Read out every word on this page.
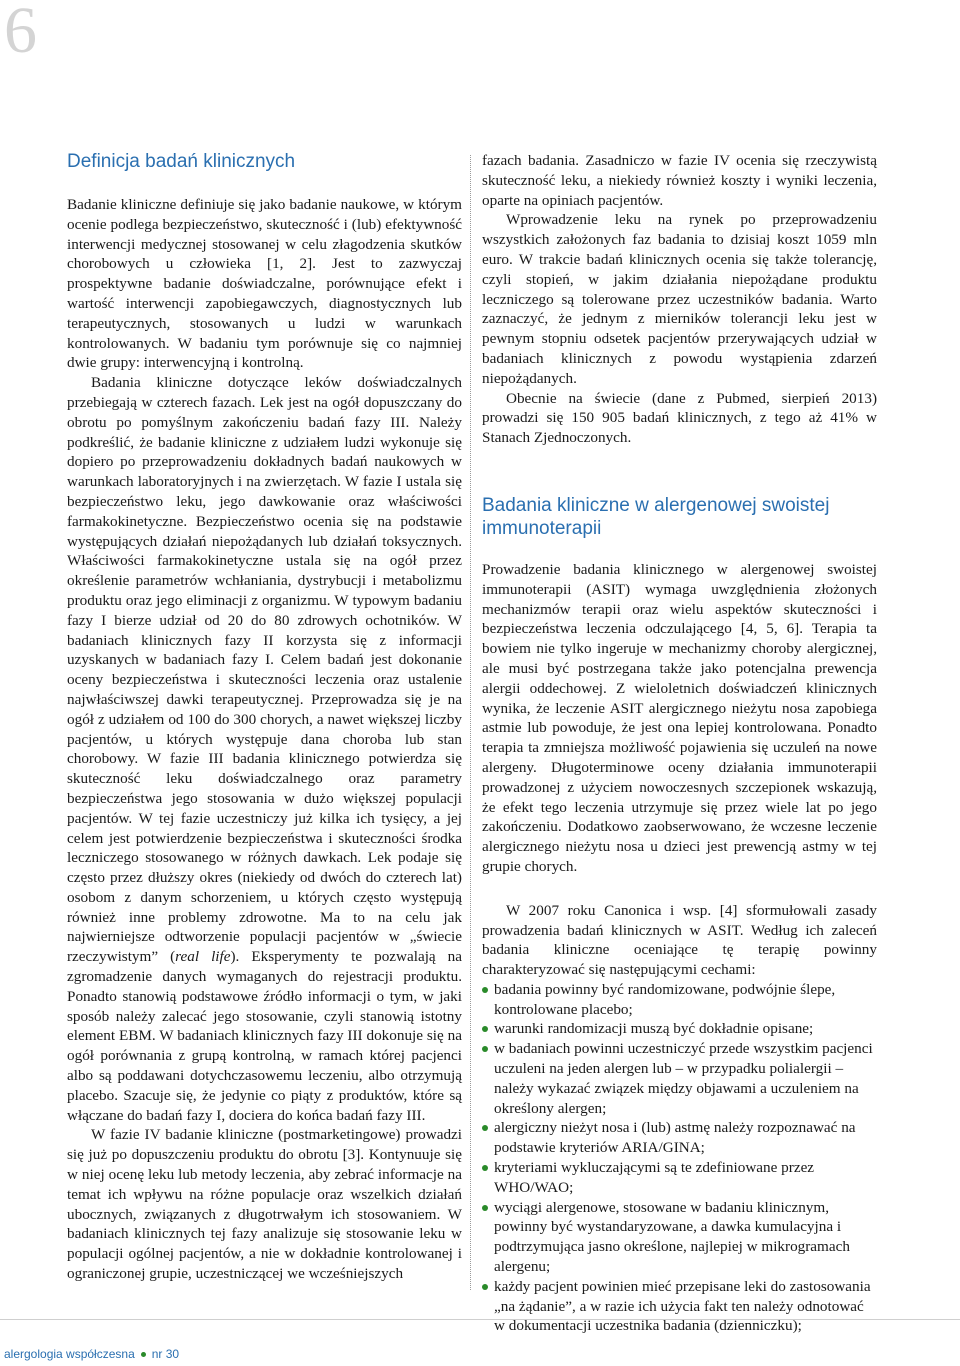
6
Definicja badań klinicznych

Badanie kliniczne definiuje się jako badanie naukowe, w którym ocenie podlega bezpieczeństwo, skuteczność i (lub) efektywność interwencji medycznej stosowanej w celu złagodzenia skutków chorobowych u człowieka [1, 2]. Jest to zazwyczaj prospektywne badanie doświadczalne, porównujące efekt i wartość interwencji zapobiegawczych, diagnostycznych lub terapeutycznych, stosowanych u ludzi w warunkach kontrolowanych. W badaniu tym porównuje się co najmniej dwie grupy: interwencyjną i kontrolną.

Badania kliniczne dotyczące leków doświadczalnych przebiegają w czterech fazach. Lek jest na ogół dopuszczany do obrotu po pomyślnym zakończeniu badań fazy III. Należy podkreślić, że badanie kliniczne z udziałem ludzi wykonuje się dopiero po przeprowadzeniu dokładnych badań naukowych w warunkach laboratoryjnych i na zwierzętach. W fazie I ustala się bezpieczeństwo leku, jego dawkowanie oraz właściwości farmakokinetyczne. Bezpieczeństwo ocenia się na podstawie występujących działań niepożądanych lub działań toksycznych. Właściwości farmakokinetyczne ustala się na ogół przez określenie parametrów wchłaniania, dystrybucji i metabolizmu produktu oraz jego eliminacji z organizmu. W typowym badaniu fazy I bierze udział od 20 do 80 zdrowych ochotników. W badaniach klinicznych fazy II korzysta się z informacji uzyskanych w badaniach fazy I. Celem badań jest dokonanie oceny bezpieczeństwa i skuteczności leczenia oraz ustalenie najwłaściwszej dawki terapeutycznej. Przeprowadza się je na ogół z udziałem od 100 do 300 chorych, a nawet większej liczby pacjentów, u których występuje dana choroba lub stan chorobowy. W fazie III badania klinicznego potwierdza się skuteczność leku doświadczalnego oraz parametry bezpieczeństwa jego stosowania w dużo większej populacji pacjentów. W tej fazie uczestniczy już kilka ich tysięcy, a jej celem jest potwierdzenie bezpieczeństwa i skuteczności środka leczniczego stosowanego w różnych dawkach. Lek podaje się często przez dłuższy okres (niekiedy od dwóch do czterech lat) osobom z danym schorzeniem, u których często występują również inne problemy zdrowotne. Ma to na celu jak najwierniejsze odtworzenie populacji pacjentów w „świecie rzeczywistym” (real life). Eksperymenty te pozwalają na zgromadzenie danych wymaganych do rejestracji produktu. Ponadto stanowią podstawowe źródło informacji o tym, w jaki sposób należy zalecać jego stosowanie, czyli stanowią istotny element EBM. W badaniach klinicznych fazy III dokonuje się na ogół porównania z grupą kontrolną, w ramach której pacjenci albo są poddawani dotychczasowemu leczeniu, albo otrzymują placebo. Szacuje się, że jedynie co piąty z produktów, które są włączane do badań fazy I, dociera do końca badań fazy III.

W fazie IV badanie kliniczne (postmarketingowe) prowadzi się już po dopuszczeniu produktu do obrotu [3]. Kontynuuje się w niej ocenę leku lub metody leczenia, aby zebrać informacje na temat ich wpływu na różne populacje oraz wszelkich działań ubocznych, związanych z długotrwałym ich stosowaniem. W badaniach klinicznych tej fazy analizuje się stosowanie leku w populacji ogólnej pacjentów, a nie w dokładnie kontrolowanej i ograniczonej grupie, uczestniczącej we wcześniejszych

fazach badania. Zasadniczo w fazie IV ocenia się rzeczywistą skuteczność leku, a niekiedy również koszty i wyniki leczenia, oparte na opiniach pacjentów.

Wprowadzenie leku na rynek po przeprowadzeniu wszystkich założonych faz badania to dzisiaj koszt 1059 mln euro. W trakcie badań klinicznych ocenia się także tolerancję, czyli stopień, w jakim działania niepożądane produktu leczniczego są tolerowane przez uczestników badania. Warto zaznaczyć, że jednym z mierników tolerancji leku jest w pewnym stopniu odsetek pacjentów przerywających udział w badaniach klinicznych z powodu wystąpienia zdarzeń niepożądanych.

Obecnie na świecie (dane z Pubmed, sierpień 2013) prowadzi się 150 905 badań klinicznych, z tego aż 41% w Stanach Zjednoczonych.

Badania kliniczne w alergenowej swoistej immunoterapii

Prowadzenie badania klinicznego w alergenowej swoistej immunoterapii (ASIT) wymaga uwzględnienia złożonych mechanizmów terapii oraz wielu aspektów skuteczności i bezpieczeństwa leczenia odczulającego [4, 5, 6]. Terapia ta bowiem nie tylko ingeruje w mechanizmy choroby alergicznej, ale musi być postrzegana także jako potencjalna prewencja alergii oddechowej. Z wieloletnich doświadczeń klinicznych wynika, że leczenie ASIT alergicznego nieżytu nosa zapobiega astmie lub powoduje, że jest ona lepiej kontrolowana. Ponadto terapia ta zmniejsza możliwość pojawienia się uczuleń na nowe alergeny. Długoterminowe oceny działania immunoterapii prowadzonej z użyciem nowoczesnych szczepionek wskazują, że efekt tego leczenia utrzymuje się przez wiele lat po jego zakończeniu. Dodatkowo zaobserwowano, że wczesne leczenie alergicznego nieżytu nosa u dzieci jest prewencją astmy w tej grupie chorych.

W 2007 roku Canonica i wsp. [4] sformułowali zasady prowadzenia badań klinicznych w ASIT. Według ich zaleceń badania kliniczne oceniające tę terapię powinny charakteryzować się następującymi cechami:

badania powinny być randomizowane, podwójnie ślepe, kontrolowane placebo;
warunki randomizacji muszą być dokładnie opisane;
w badaniach powinni uczestniczyć przede wszystkim pacjenci uczuleni na jeden alergen lub – w przypadku polialergii – należy wykazać związek między objawami a uczuleniem na określony alergen;
alergiczny nieżyt nosa i (lub) astmę należy rozpoznawać na podstawie kryteriów ARIA/GINA;
kryteriami wykluczającymi są te zdefiniowane przez WHO/WAO;
wyciągi alergenowe, stosowane w badaniu klinicznym, powinny być wystandaryzowane, a dawka kumulacyjna i podtrzymująca jasno określone, najlepiej w mikrogramach alergenu;
każdy pacjent powinien mieć przepisane leki do zastosowania „na żądanie”, a w razie ich użycia fakt ten należy odnotować w dokumentacji uczestnika badania (dzienniczku);
alergologia współczesna nr 30
